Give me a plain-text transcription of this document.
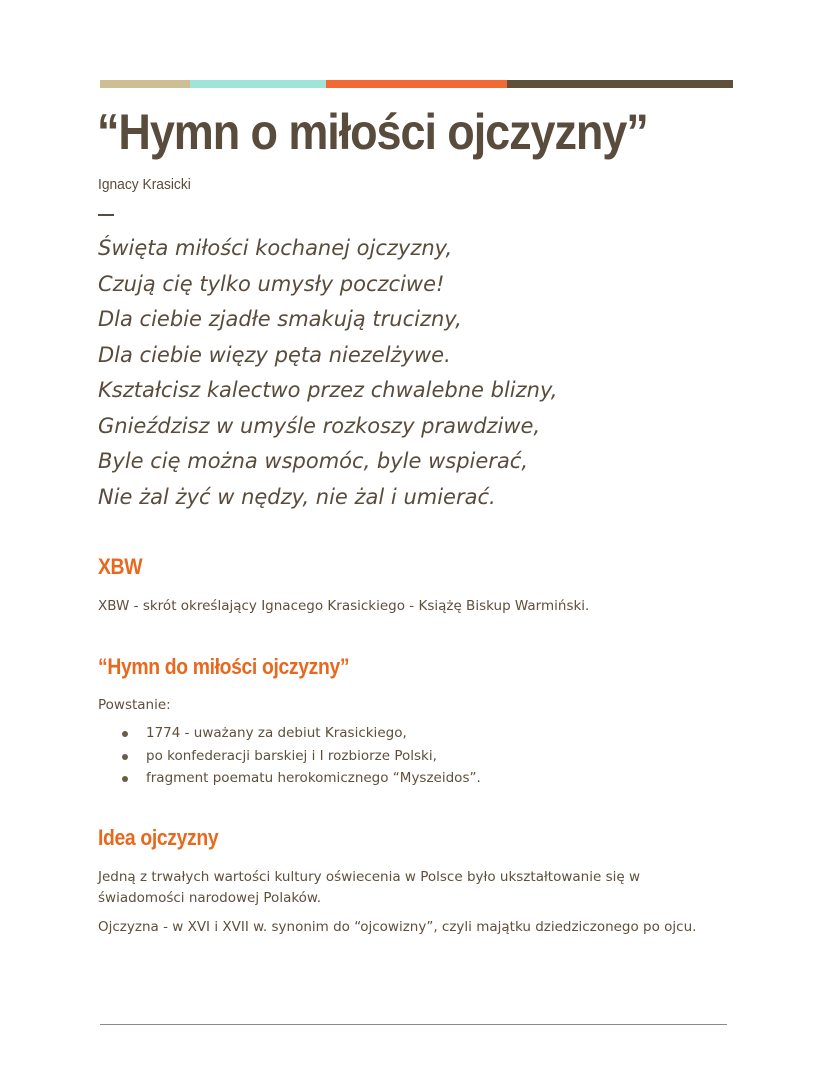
“Hymn o miłości ojczyzny”
Ignacy Krasicki
Święta miłości kochanej ojczyzny,
Czują cię tylko umysły poczciwe!
Dla ciebie zjadłe smakują trucizny,
Dla ciebie więzy pęta niezelżywe.
Kształcisz kalectwo przez chwalebne blizny,
Gnieździsz w umyśle rozkoszy prawdziwe,
Byle cię można wspomóc, byle wspierać,
Nie żal żyć w nędzy, nie żal i umierać.
XBW

XBW - skrót określający Ignacego Krasickiego - Książę Biskup Warmiński.

“Hymn do miłości ojczyzny”

Powstanie:

1774 - uważany za debiut Krasickiego,
po konfederacji barskiej i I rozbiorze Polski,
fragment poematu herokomicznego “Myszeidos”.
Idea ojczyzny

Jedną z trwałych wartości kultury oświecenia w Polsce było ukształtowanie się w

świadomości narodowej Polaków.

Ojczyzna - w XVI i XVII w. synonim do “ojcowizny”, czyli majątku dziedziczonego po ojcu.
